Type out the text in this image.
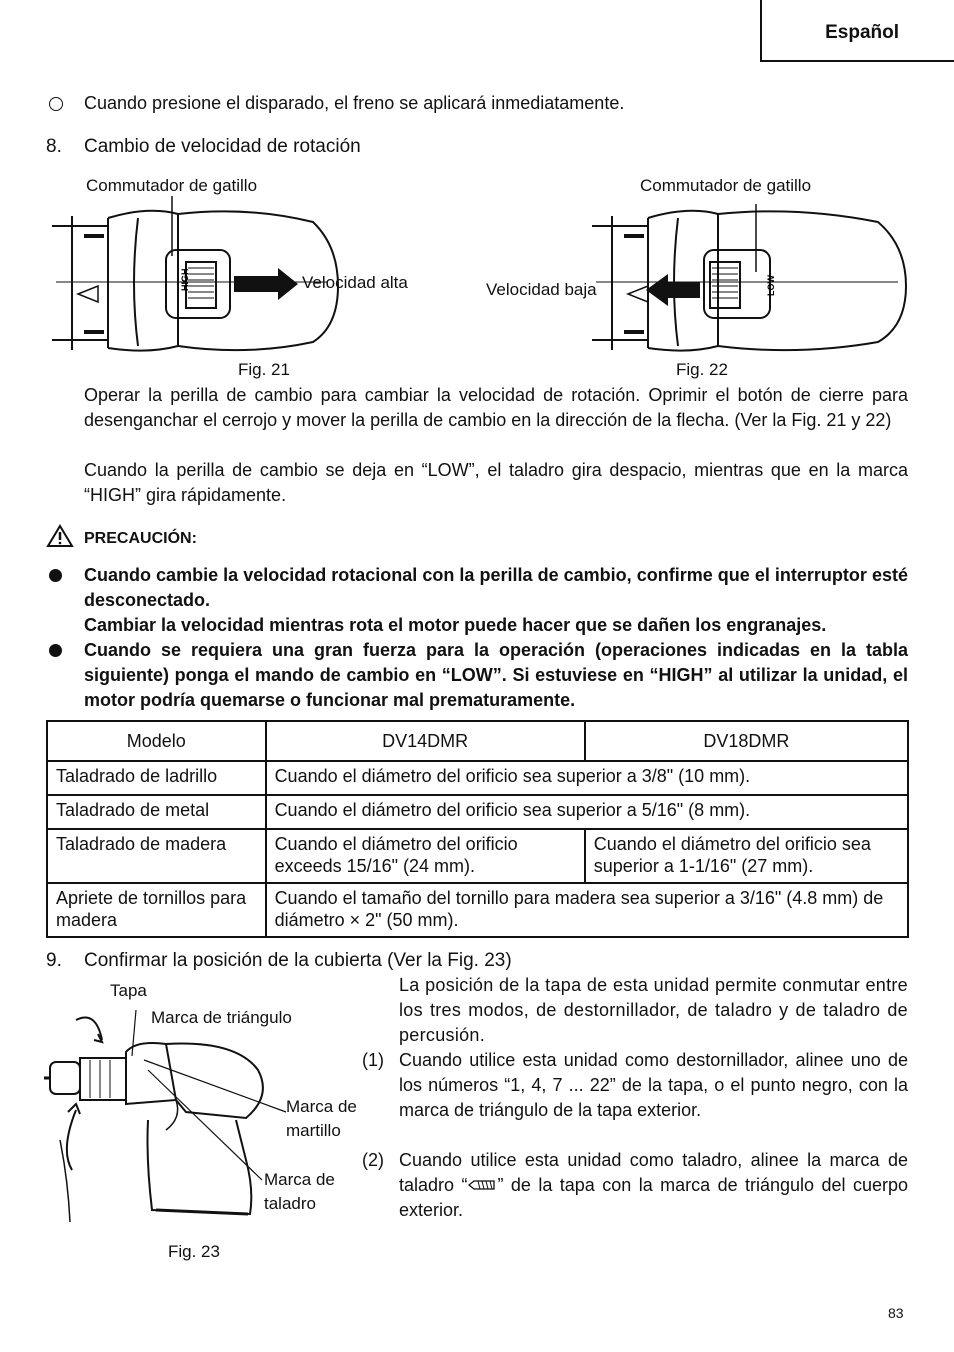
Español
Cuando presione el disparado, el freno se aplicará inmediatamente.
8. Cambio de velocidad de rotación
Commutador de gatillo
Velocidad alta
Fig. 21
HIGH
Commutador de gatillo
Velocidad baja
Fig. 22
LOW
Operar la perilla de cambio para cambiar la velocidad de rotación. Oprimir el botón de cierre para desenganchar el cerrojo y mover la perilla de cambio en la dirección de la flecha. (Ver la Fig. 21 y 22)
Cuando la perilla de cambio se deja en “LOW”, el taladro gira despacio, mientras que en la marca “HIGH” gira rápidamente.
PRECAUCIÓN:
Cuando cambie la velocidad rotacional con la perilla de cambio, confirme que el interruptor esté desconectado.
Cambiar la velocidad mientras rota el motor puede hacer que se dañen los engranajes.
Cuando se requiera una gran fuerza para la operación (operaciones indicadas en la tabla siguiente) ponga el mando de cambio en “LOW”. Si estuviese en “HIGH” al utilizar la unidad, el motor podría quemarse o funcionar mal prematuramente.
Modelo	DV14DMR	DV18DMR
Taladrado de ladrillo	Cuando el diámetro del orificio sea superior a 3/8" (10 mm).	
Taladrado de metal	Cuando el diámetro del orificio sea superior a 5/16" (8 mm).	
Taladrado de madera	Cuando el diámetro del orificio exceeds 15/16" (24 mm).	Cuando el diámetro del orificio sea superior a 1-1/16" (27 mm).
Apriete de tornillos para madera	Cuando el tamaño del tornillo para madera sea superior a 3/16" (4.8 mm) de diámetro × 2" (50 mm).	
9. Confirmar la posición de la cubierta (Ver la Fig. 23)
Tapa
Marca de triángulo
Marca de
martillo
Marca de
taladro
Fig. 23
La posición de la tapa de esta unidad permite conmutar entre los tres modos, de destornillador, de taladro y de taladro de percusión.
(1) Cuando utilice esta unidad como destornillador, alinee uno de los números “1, 4, 7 ... 22” de la tapa, o el punto negro, con la marca de triángulo de la tapa exterior.
(2) Cuando utilice esta unidad como taladro, alinee la marca de taladro “ ” de la tapa con la marca de triángulo del cuerpo exterior.
83
